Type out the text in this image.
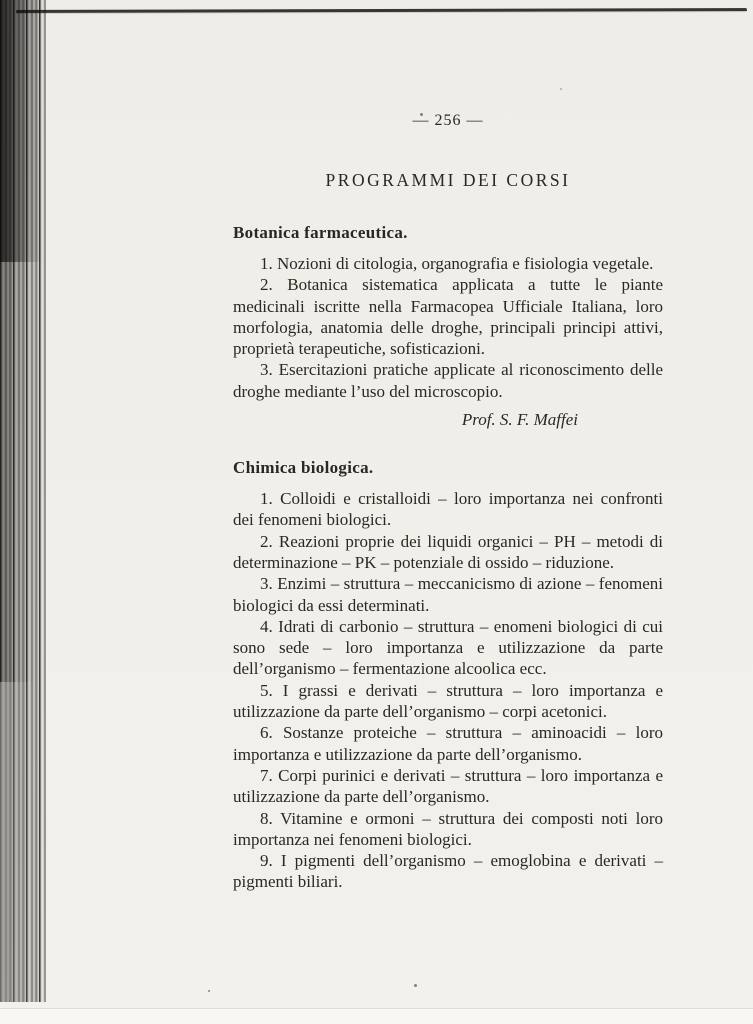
— 256 —
PROGRAMMI DEI CORSI
Botanica farmaceutica.

1. Nozioni di citologia, organografia e fisiologia vegetale.

2. Botanica sistematica applicata a tutte le piante medicinali iscritte nella Farmacopea Ufficiale Italiana, loro morfologia, anatomia delle droghe, principali principi attivi, proprietà terapeutiche, sofisticazioni.

3. Esercitazioni pratiche applicate al riconoscimento delle droghe mediante l’uso del microscopio.

Prof. S. F. Maffei

Chimica biologica.

1. Colloidi e cristalloidi – loro importanza nei confronti dei fenomeni biologici.

2. Reazioni proprie dei liquidi organici – PH – metodi di determinazione – PK – potenziale di ossido – riduzione.

3. Enzimi – struttura – meccanicismo di azione – fenomeni biologici da essi determinati.

4. Idrati di carbonio – struttura – enomeni biologici di cui sono sede – loro importanza e utilizzazione da parte dell’organismo – fermentazione alcoolica ecc.

5. I grassi e derivati – struttura – loro importanza e utilizzazione da parte dell’organismo – corpi acetonici.

6. Sostanze proteiche – struttura – aminoacidi – loro importanza e utilizzazione da parte dell’organismo.

7. Corpi purinici e derivati – struttura – loro importanza e utilizzazione da parte dell’organismo.

8. Vitamine e ormoni – struttura dei composti noti loro importanza nei fenomeni biologici.

9. I pigmenti dell’organismo – emoglobina e derivati – pigmenti biliari.
